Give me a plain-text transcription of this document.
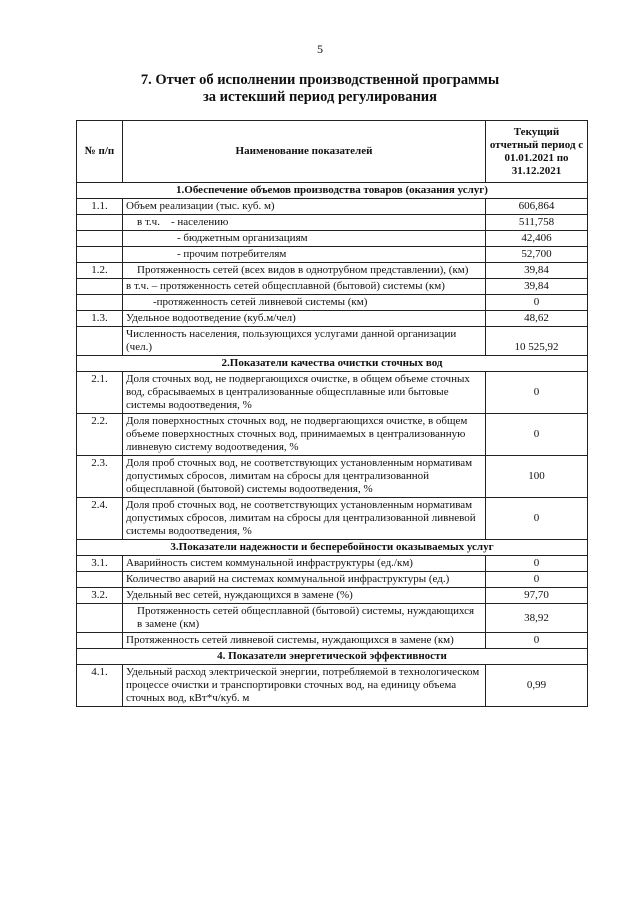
5
7. Отчет об исполнении производственной программы
за истекший период регулирования
№ п/п	Наименование показателей	Текущий отчетный период с 01.01.2021 по 31.12.2021
1.Обеспечение объемов производства товаров (оказания услуг)		
1.1.	Объем реализации (тыс. куб. м)	606,864
	в т.ч.    - населению	511,758
	- бюджетным организациям	42,406
	- прочим потребителям	52,700
1.2.	Протяженность сетей (всех видов в однотрубном представлении), (км)	39,84
	в т.ч. – протяженность сетей общесплавной (бытовой) системы (км)	39,84
	-протяженность сетей ливневой системы (км)	0
1.3.	Удельное водоотведение (куб.м/чел)	48,62
	Численность населения, пользующихся услугами данной организации (чел.)	10 525,92
2.Показатели качества очистки сточных вод		
2.1.	Доля сточных вод, не подвергающихся очистке, в общем объеме сточных вод, сбрасываемых в централизованные общесплавные или бытовые системы водоотведения, %	0
2.2.	Доля поверхностных сточных вод, не подвергающихся очистке, в общем объеме поверхностных сточных вод, принимаемых в централизованную ливневую систему водоотведения, %	0
2.3.	Доля проб сточных вод, не соответствующих установленным нормативам допустимых сбросов, лимитам на сбросы для централизованной общесплавной (бытовой) системы водоотведения, %	100
2.4.	Доля проб сточных вод, не соответствующих установленным нормативам допустимых сбросов, лимитам на сбросы для централизованной ливневой системы водоотведения, %	0
3.Показатели надежности и бесперебойности оказываемых услуг		
3.1.	Аварийность систем коммунальной инфраструктуры (ед./км)	0
	Количество аварий на системах коммунальной инфраструктуры (ед.)	0
3.2.	Удельный вес сетей, нуждающихся в замене (%)	97,70
	Протяженность сетей общесплавной (бытовой) системы, нуждающихся в замене (км)	38,92
	Протяженность сетей ливневой системы, нуждающихся в замене (км)	0
4. Показатели энергетической эффективности		
4.1.	Удельный расход электрической энергии, потребляемой в технологическом процессе очистки и транспортировки сточных вод, на единицу объема сточных вод, кВт*ч/куб. м	0,99
